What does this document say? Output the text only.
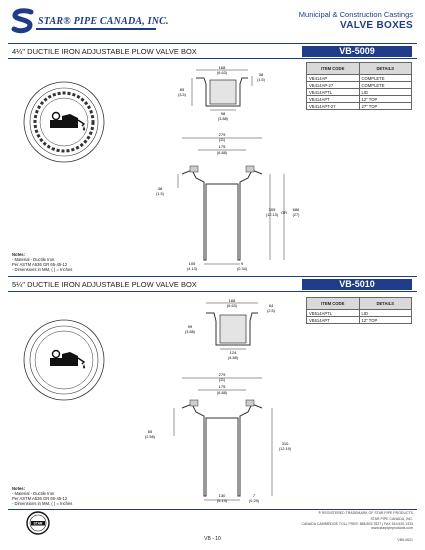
STAR® PIPE CANADA, INC.
Municipal & Construction Castings
VALVE BOXES
4¼" DUCTILE IRON ADJUSTABLE PLOW VALVE BOX	VB-5009
168
(6.63)	38
(1.5)
98
(3.88)
85
(3.5)
279
(11)
175
(6.88)
38
(1.5)
305
(12.13) OR
686
(27)
105
(4.13)
9
(0.34)
ITEM CODE	DETAILS
VB414AP	COMPLETE
VB414AP-27	COMPLETE
VB414APTL	LID
VB414APT	12" TOP
VB414APT-27	27" TOP
Notes:
- Material - Ductile Iron
Per ASTM A536 GR 65-45-12
- Dimensions in MM, ( ) = Inches
5¼" DUCTILE IRON ADJUSTABLE PLOW VALVE BOX	VB-5010
168
(6.63)	64
(2.5)
124
(4.88)
99
(3.88)
279
(11)
175
(6.88)
65
(2.56)
310
(12.19)
130
(5.13)
7
(0.29)
ITEM CODE	DETAILS
VB514APTL	LID
VB514APT	12" TOP
Notes:
- Material - Ductile Iron
Per ASTM A536 GR 65-45-12
- Dimensions in MM, ( ) = Inches
STAR
® REGISTERED TRADEMARK OF STAR PIPE PRODUCTS
STAR PIPE CANADA, INC.
CANADA CAMBRIDGE TOLL FREE: 888.893.7827 | FAX 519.620.1333
www.starpipeproducts.com
VB - 10	VB9-0621
